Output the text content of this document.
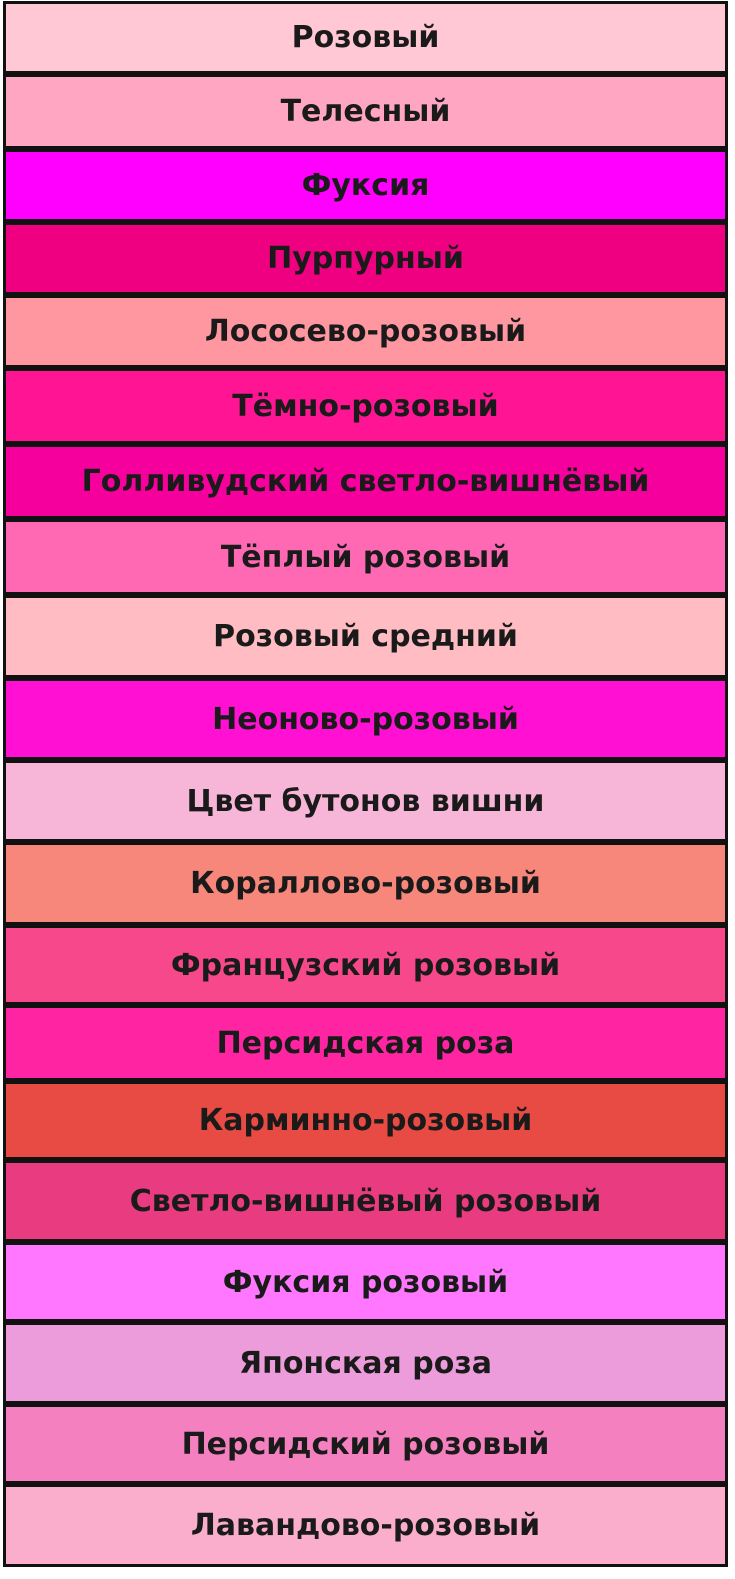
Розовый
Телесный
Фуксия
Пурпурный
Лососево-розовый
Тёмно-розовый
Голливудский светло-вишнёвый
Тёплый розовый
Розовый средний
Неоново-розовый
Цвет бутонов вишни
Кораллово-розовый
Французский розовый
Персидская роза
Карминно-розовый
Светло-вишнёвый розовый
Фуксия розовый
Японская роза
Персидский розовый
Лавандово-розовый
